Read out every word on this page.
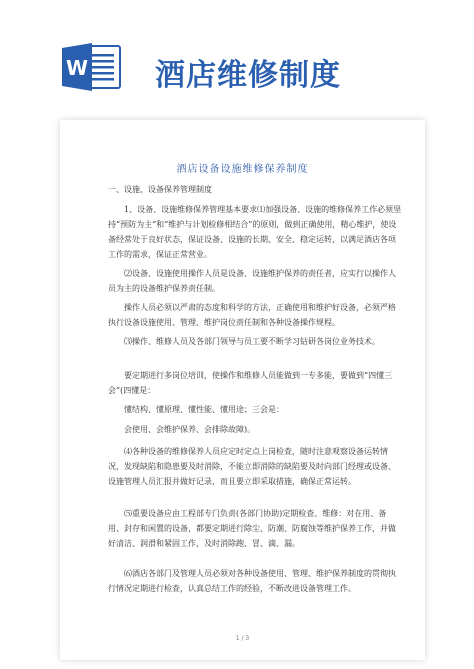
W 酒店维修制度
酒店设备设施维修保养制度
一、设施、设备保养管理制度
1、设备、设施维修保养管理基本要求⑴加强设备、设施的维修保养工作必须坚持“预防为主”和“维护与计划检修相结合”的原则，做到正确使用，精心维护，使设备经常处于良好状态，保证设备、设施的长期、安全、稳定运转，以满足酒店各项工作的需求，保证正常营业。
⑵设备、设施使用操作人员是设备、设施维护保养的责任者，应实行以操作人员为主的设备维护保养责任制。
操作人员必须以严肃的态度和科学的方法，正确使用和维护好设备，必须严格执行设备设施使用、管理、维护岗位责任制和各种设备操作规程。
⑶操作、维修人员及各部门领导与员工要不断学习钻研各岗位业务技术。
要定期进行多岗位培训，使操作和维修人员能做到一专多能，要做到“四懂三会”(四懂是：
懂结构、懂原理、懂性能、懂用途；三会是：
会使用、会维护保养、会排除故障)。
⑷各种设备的维修保养人员应定时定点上岗检查，随时注意观察设备运转情况，发现缺陷和隐患要及时消除，不能立即消除的缺陷要及时向部门经理或设备、设施管理人员汇报并做好记录，而且要立即采取措施，确保正常运转。
⑸重要设备应由工程部专门负责(各部门协助)定期检查、维修：对在用、备用、封存和闲置的设备，都要定期进行除尘、防潮、防腐蚀等维护保养工作，并做好清洁、润滑和紧固工作，及时消除跑、冒、滴、漏。
⑹酒店各部门及管理人员必须对各种设备使用、管理、维护保养制度的贯彻执行情况定期进行检查，认真总结工作的经验，不断改进设备管理工作。
1 / 3
